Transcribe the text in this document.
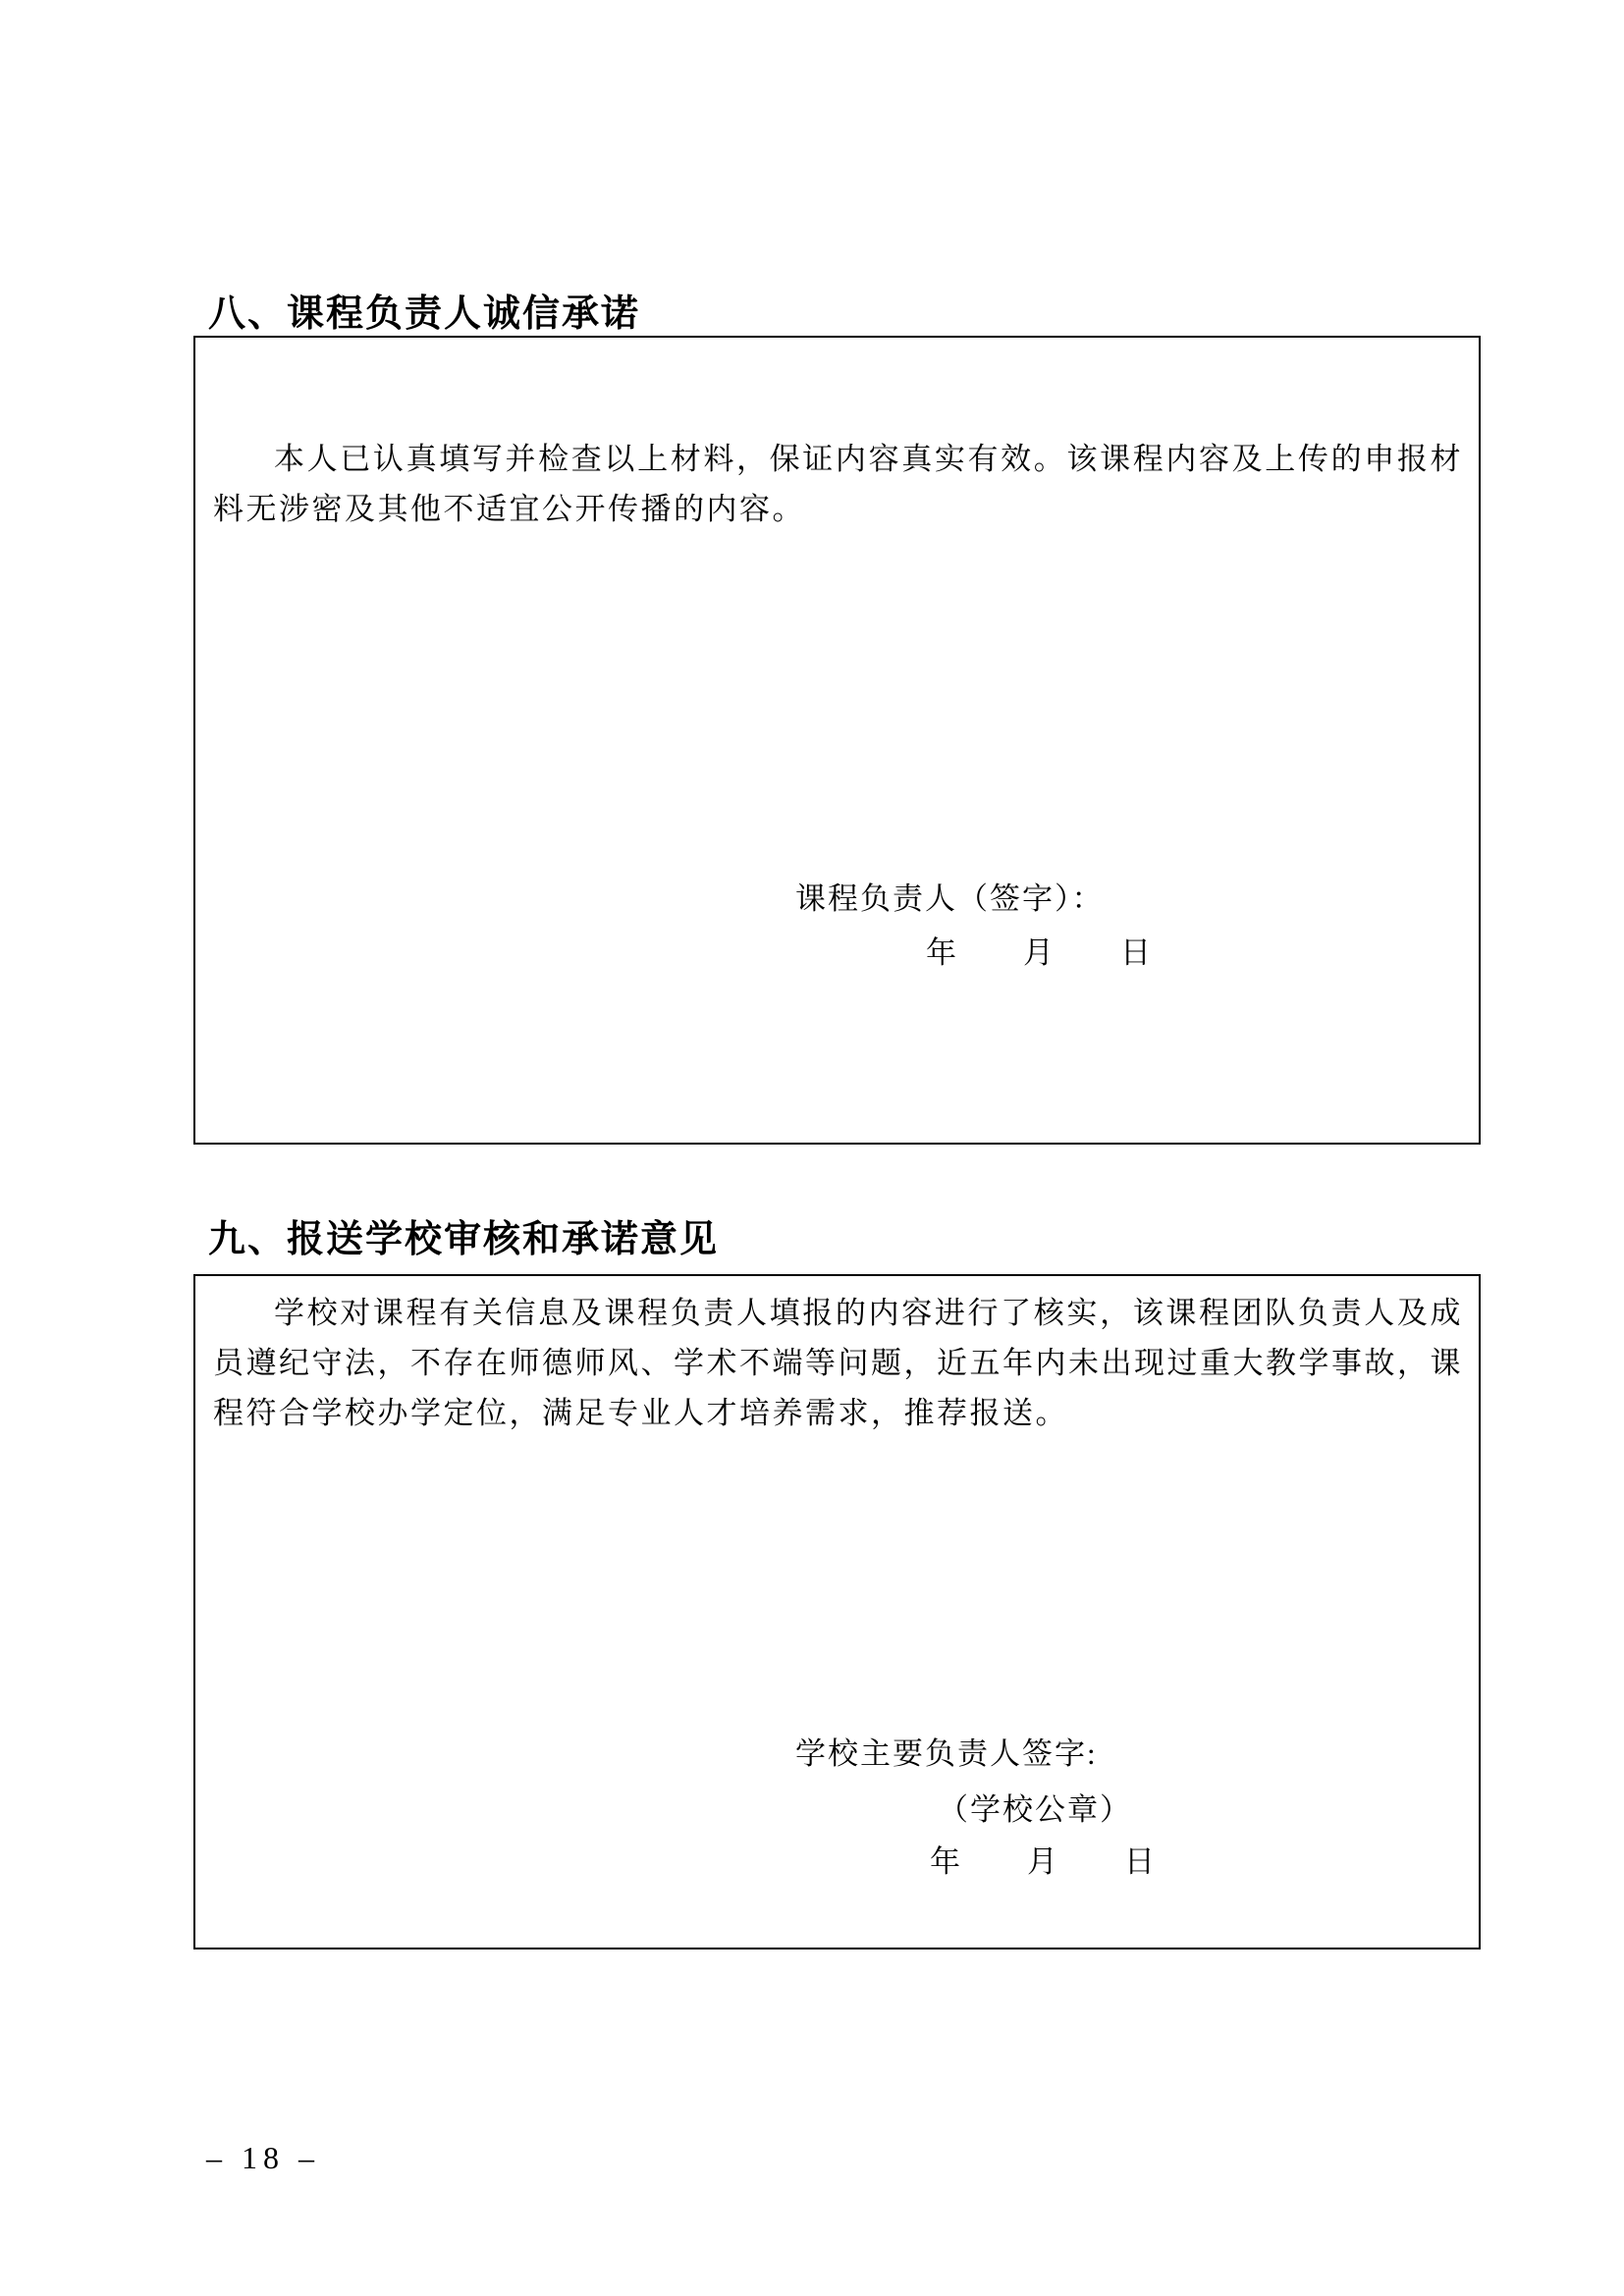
八、课程负责人诚信承诺

本人已认真填写并检查以上材料，保证内容真实有效。该课程内容及上传的申报材料无涉密及其他不适宜公开传播的内容。

课程负责人（签字）：
年　　月　　日
九、报送学校审核和承诺意见

学校对课程有关信息及课程负责人填报的内容进行了核实，该课程团队负责人及成员遵纪守法，不存在师德师风、学术不端等问题，近五年内未出现过重大教学事故，课程符合学校办学定位，满足专业人才培养需求，推荐报送。

学校主要负责人签字:
（学校公章）
年　　月　　日
– 18 –
